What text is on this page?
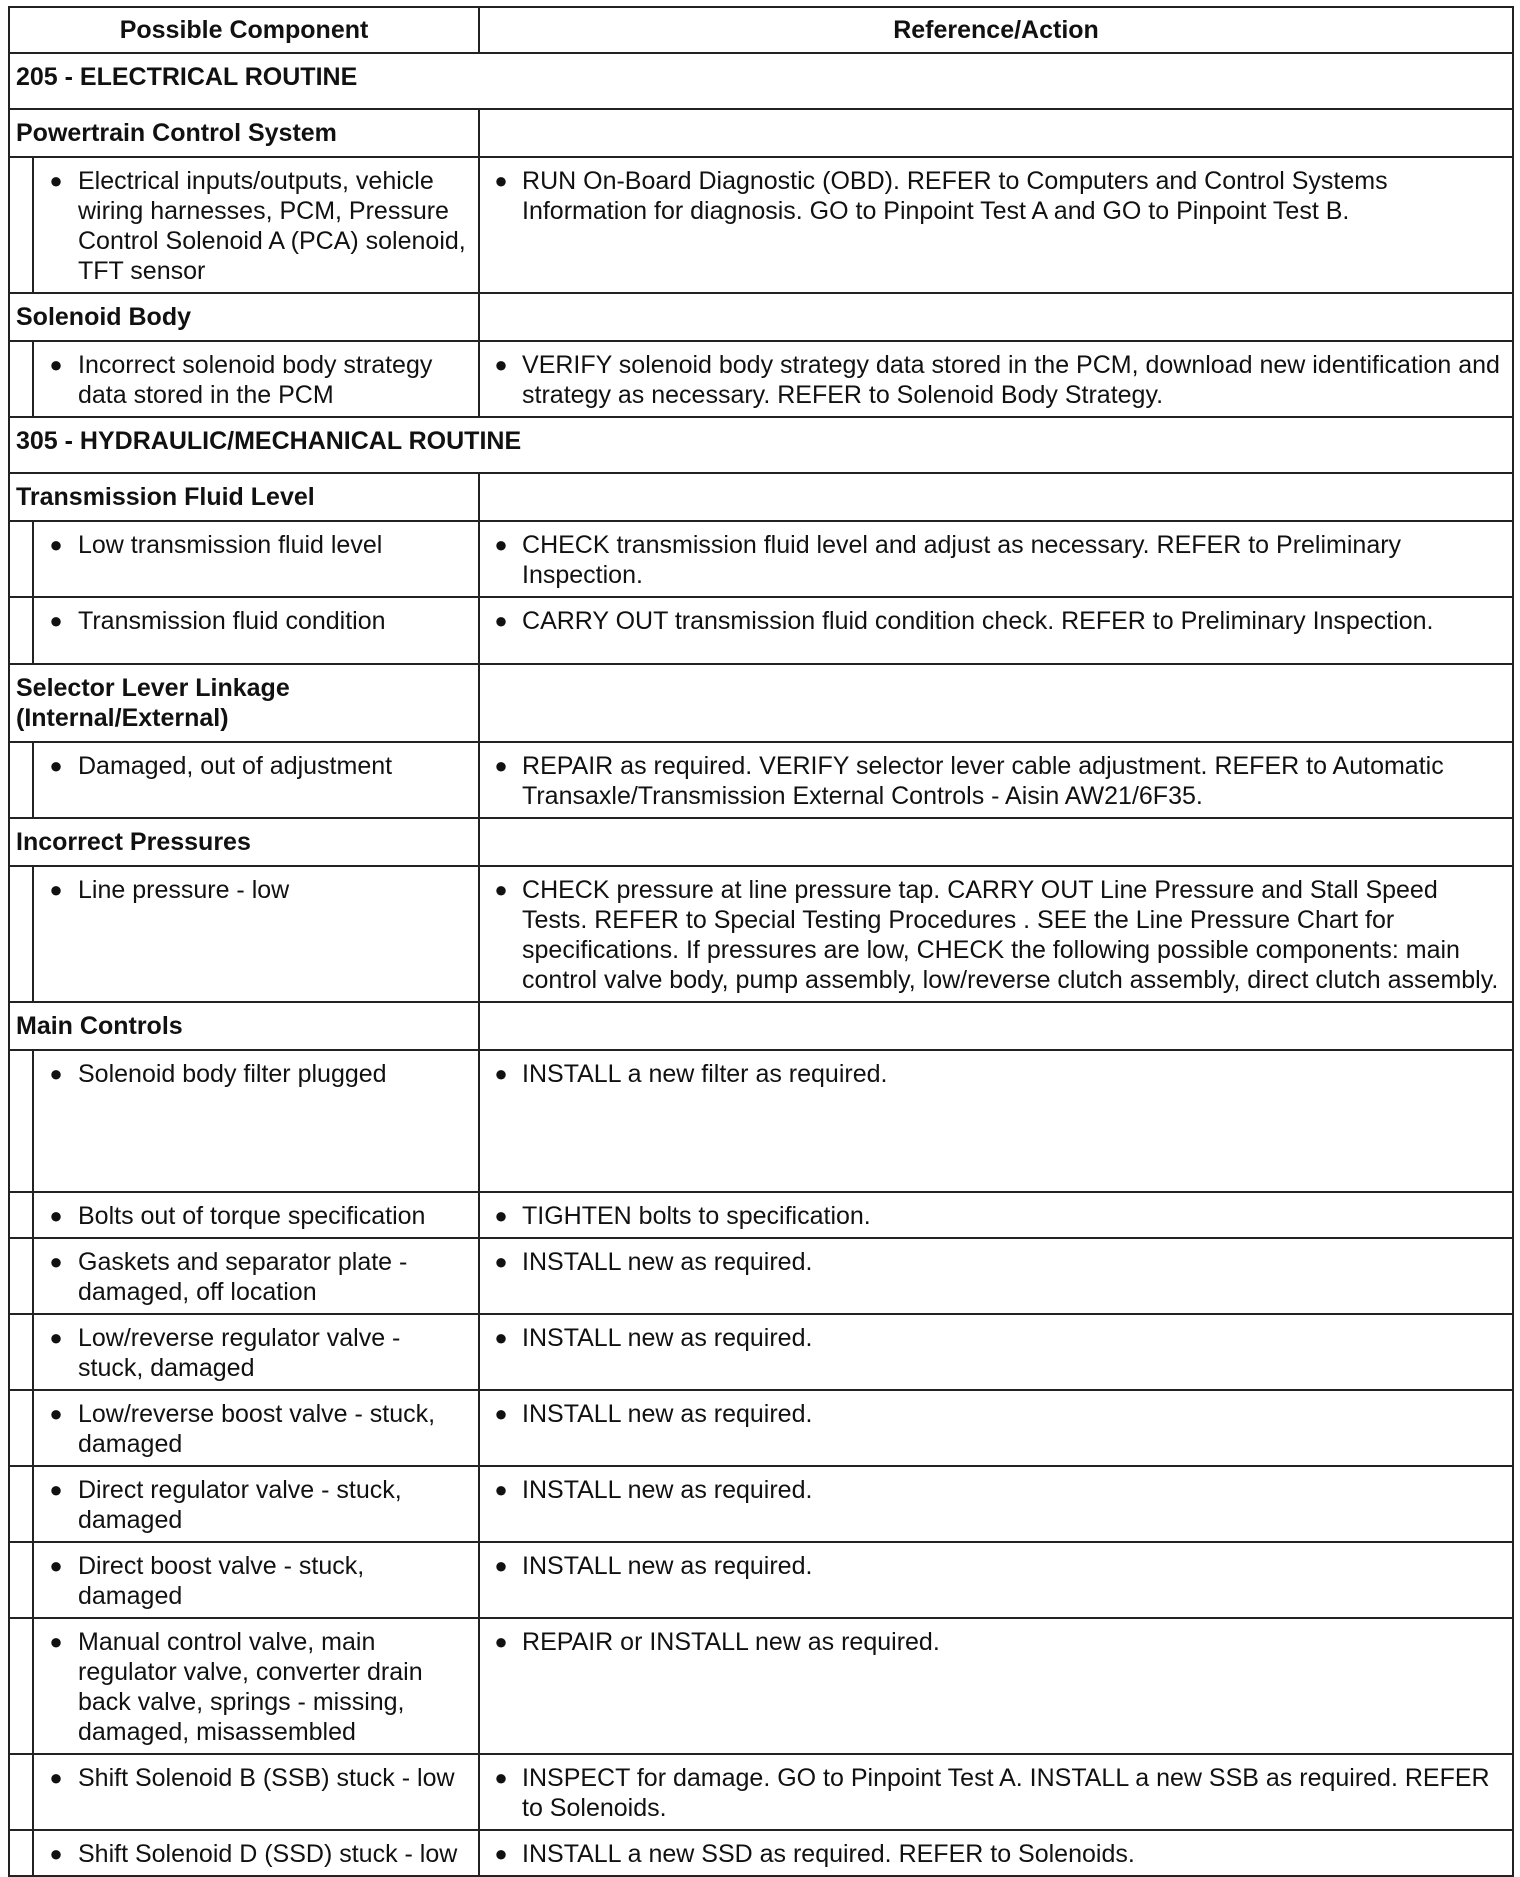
Possible Component		Reference/Action
205 - ELECTRICAL ROUTINE		
Powertrain Control System		

	● Electrical inputs/outputs, vehicle wiring harnesses, PCM, Pressure Control Solenoid A (PCA) solenoid, TFT sensor	● RUN On-Board Diagnostic (OBD). REFER to Computers and Control Systems Information for diagnosis. GO to Pinpoint Test A and GO to Pinpoint Test B.

Solenoid Body		

	● Incorrect solenoid body strategy data stored in the PCM	● VERIFY solenoid body strategy data stored in the PCM, download new identification and strategy as necessary. REFER to Solenoid Body Strategy.

305 - HYDRAULIC/MECHANICAL ROUTINE		
Transmission Fluid Level		

	● Low transmission fluid level	● CHECK transmission fluid level and adjust as necessary. REFER to Preliminary Inspection.

	● Transmission fluid condition	● CARRY OUT transmission fluid condition check. REFER to Preliminary Inspection.

Selector Lever Linkage (Internal/External)		

	● Damaged, out of adjustment	● REPAIR as required. VERIFY selector lever cable adjustment. REFER to Automatic Transaxle/Transmission External Controls - Aisin AW21/6F35.

Incorrect Pressures		

	● Line pressure - low	● CHECK pressure at line pressure tap. CARRY OUT Line Pressure and Stall Speed Tests. REFER to Special Testing Procedures . SEE the Line Pressure Chart for specifications. If pressures are low, CHECK the following possible components: main control valve body, pump assembly, low/reverse clutch assembly, direct clutch assembly.

Main Controls		

	● Solenoid body filter plugged	● INSTALL a new filter as required.

	● Bolts out of torque specification	● TIGHTEN bolts to specification.

	● Gaskets and separator plate - damaged, off location	● INSTALL new as required.

	● Low/reverse regulator valve - stuck, damaged	● INSTALL new as required.

	● Low/reverse boost valve - stuck, damaged	● INSTALL new as required.

	● Direct regulator valve - stuck, damaged	● INSTALL new as required.

	● Direct boost valve - stuck, damaged	● INSTALL new as required.

	● Manual control valve, main regulator valve, converter drain back valve, springs - missing, damaged, misassembled	● REPAIR or INSTALL new as required.

	● Shift Solenoid B (SSB) stuck - low	● INSPECT for damage. GO to Pinpoint Test A. INSTALL a new SSB as required. REFER to Solenoids.

	● Shift Solenoid D (SSD) stuck - low	● INSTALL a new SSD as required. REFER to Solenoids.
